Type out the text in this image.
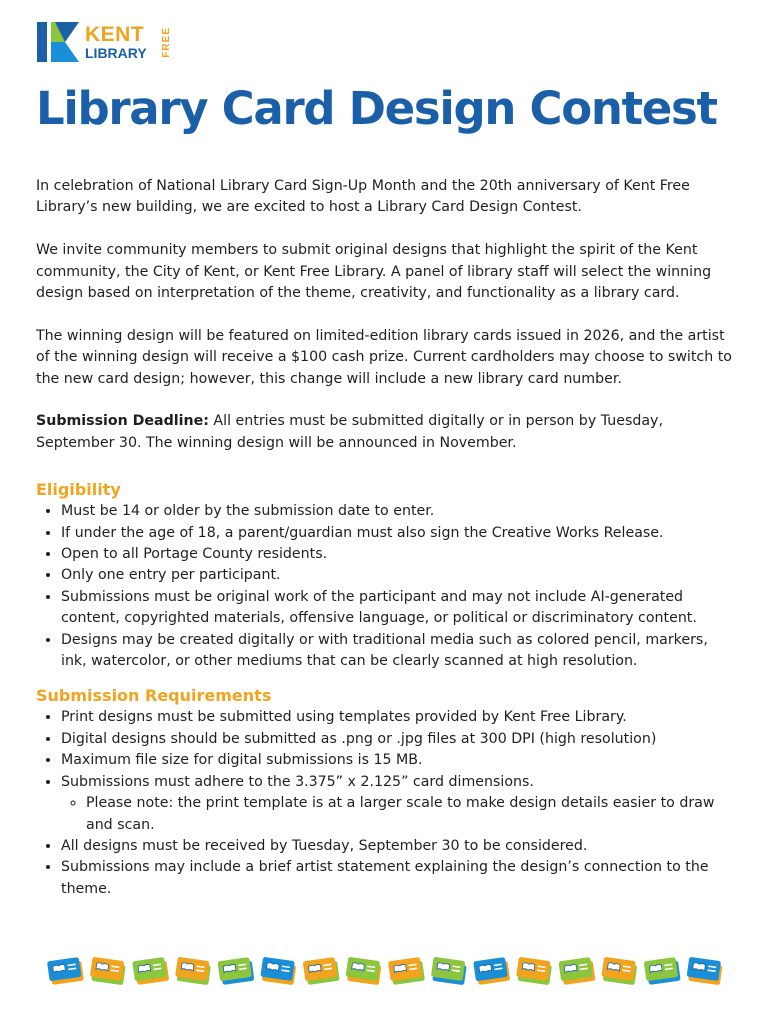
KENT
LIBRARY FREE
Library Card Design Contest

In celebration of National Library Card Sign-Up Month and the 20th anniversary of Kent Free Library’s new building, we are excited to host a Library Card Design Contest.

We invite community members to submit original designs that highlight the spirit of the Kent community, the City of Kent, or Kent Free Library. A panel of library staff will select the winning design based on interpretation of the theme, creativity, and functionality as a library card.

The winning design will be featured on limited-edition library cards issued in 2026, and the artist of the winning design will receive a $100 cash prize. Current cardholders may choose to switch to the new card design; however, this change will include a new library card number.

Submission Deadline: All entries must be submitted digitally or in person by Tuesday, September 30. The winning design will be announced in November.

Eligibility
• Must be 14 or older by the submission date to enter.
• If under the age of 18, a parent/guardian must also sign the Creative Works Release.
• Open to all Portage County residents.
• Only one entry per participant.
• Submissions must be original work of the participant and may not include AI-generated content, copyrighted materials, offensive language, or political or discriminatory content.
• Designs may be created digitally or with traditional media such as colored pencil, markers, ink, watercolor, or other mediums that can be clearly scanned at high resolution.
Submission Requirements
• Print designs must be submitted using templates provided by Kent Free Library.
• Digital designs should be submitted as .png or .jpg files at 300 DPI (high resolution)
• Maximum file size for digital submissions is 15 MB.
• Submissions must adhere to the 3.375” x 2.125” card dimensions.
◦ Please note: the print template is at a larger scale to make design details easier to draw and scan.
• All designs must be received by Tuesday, September 30 to be considered.
• Submissions may include a brief artist statement explaining the design’s connection to the theme.
